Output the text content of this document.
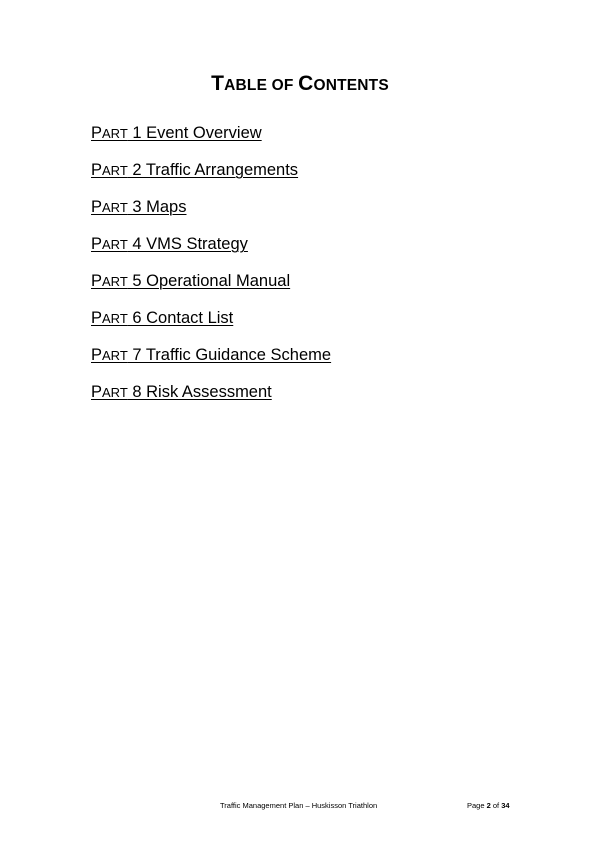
TABLE OF CONTENTS
PART 1 Event Overview
PART 2 Traffic Arrangements
PART 3 Maps
PART 4 VMS Strategy
PART 5 Operational Manual
PART 6 Contact List
PART 7 Traffic Guidance Scheme
PART 8 Risk Assessment
Traffic Management Plan – Huskisson Triathlon	Page 2 of 34
